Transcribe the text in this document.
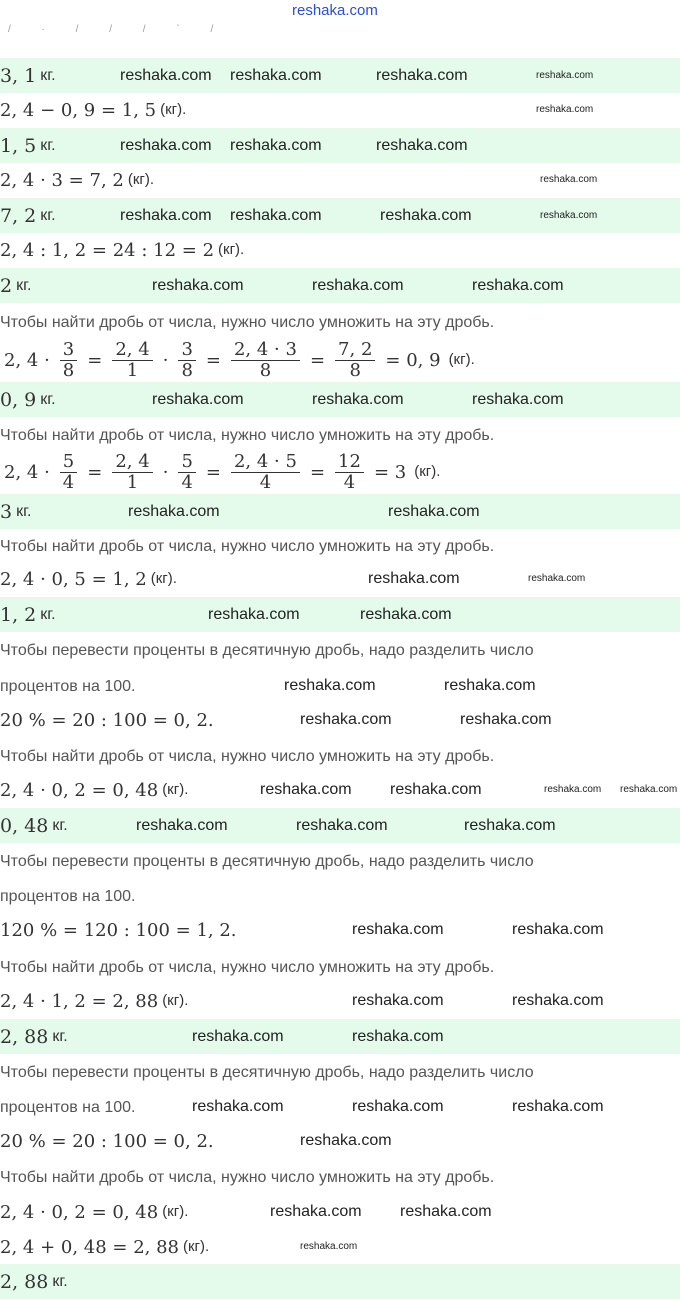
reshaka.com
/ · / / / ` /
3, 1 кг.
2, 4 − 0, 9 = 1, 5 (кг).
1, 5 кг.
2, 4 · 3 = 7, 2 (кг).
7, 2 кг.
2, 4 : 1, 2 = 24 : 12 = 2 (кг).
2 кг.
Чтобы найти дробь от числа, нужно число умножить на эту дробь.
2, $4 \cdot \frac{3}{8} = \frac{2, 4}{1} \cdot \frac{3}{8} = \frac{2, 4 \cdot 3}{8} = \frac{7, 2}{8} = 0$, 9 (кг).
0, 9 кг.
Чтобы найти дробь от числа, нужно число умножить на эту дробь.
2, $4 \cdot \frac{5}{4} = \frac{2, 4}{1} \cdot \frac{5}{4} = \frac{2, 4 \cdot 5}{4} = \frac{12}{4} = 3$ (кг).
3 кг.
Чтобы найти дробь от числа, нужно число умножить на эту дробь.
2, 4 · 0, 5 = 1, 2 (кг).
1, 2 кг.
Чтобы перевести проценты в десятичную дробь, надо разделить число
процентов на 100.
20 % = 20 : 100 = 0, 2.
Чтобы найти дробь от числа, нужно число умножить на эту дробь.
2, 4 · 0, 2 = 0, 48 (кг).
0, 48 кг.
Чтобы перевести проценты в десятичную дробь, надо разделить число
процентов на 100.
120 % = 120 : 100 = 1, 2.
Чтобы найти дробь от числа, нужно число умножить на эту дробь.
2, 4 · 1, 2 = 2, 88 (кг).
2, 88 кг.
Чтобы перевести проценты в десятичную дробь, надо разделить число
процентов на 100.
20 % = 20 : 100 = 0, 2.
Чтобы найти дробь от числа, нужно число умножить на эту дробь.
2, 4 · 0, 2 = 0, 48 (кг).
2, 4 + 0, 48 = 2, 88 (кг).
2, 88 кг.
reshaka.com reshaka.com	reshaka.com	reshaka.com
reshaka.com
reshaka.com reshaka.com	reshaka.com
reshaka.com
reshaka.com reshaka.com	reshaka.com	reshaka.com
reshaka.com	reshaka.com	reshaka.com
reshaka.com	reshaka.com
reshaka.com
reshaka.com
reshaka.com
reshaka.com	reshaka.com
reshaka.com	reshaka.com
reshaka.com	reshaka.com
reshaka.com
reshaka.com reshaka.com	reshaka.com
reshaka.com	reshaka.com	reshaka.com
reshaka.com	reshaka.com
reshaka.com	reshaka.com
reshaka.com	reshaka.com
reshaka.com	reshaka.com
reshaka.com	reshaka.com
reshaka.com
reshaka.com
reshaka.com
reshaka.com
reshaka.com
